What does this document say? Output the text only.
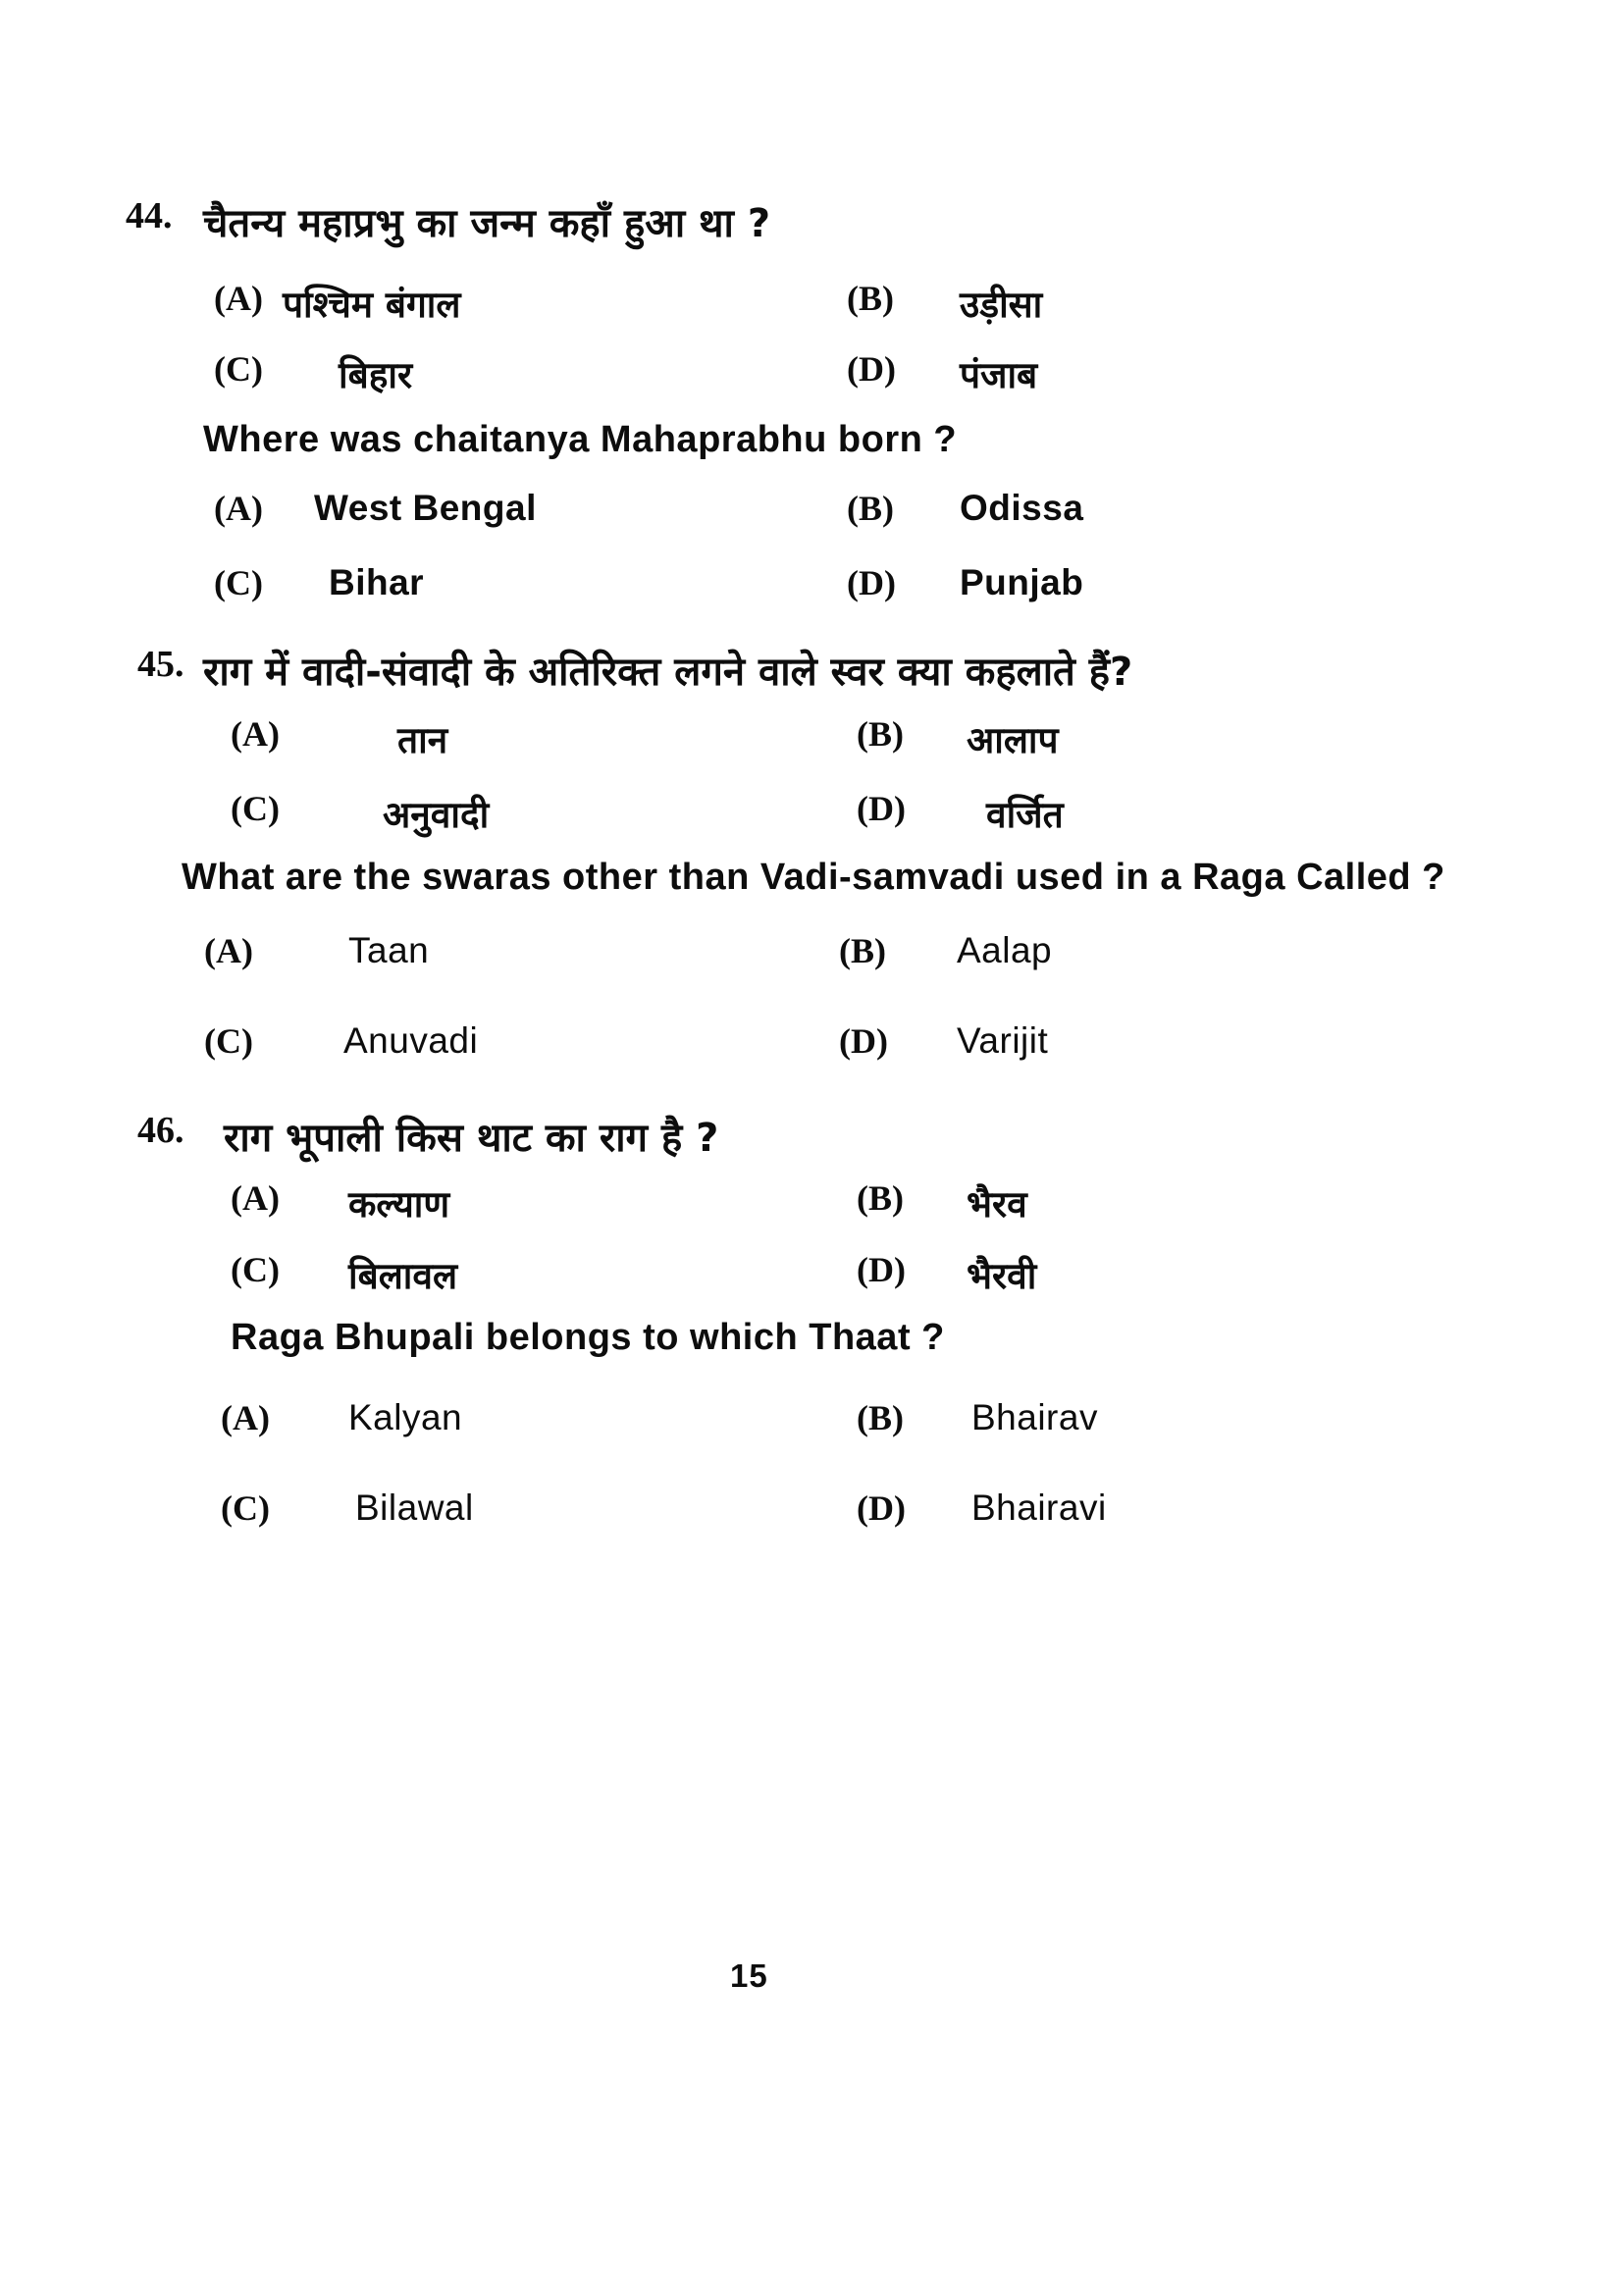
44. चैतन्य महाप्रभु का जन्म कहाँ हुआ था ?
(A) पश्चिम बंगाल	(B) उड़ीसा
(C) बिहार	(D) पंजाब
Where was chaitanya Mahaprabhu born ?
(A) West Bengal	(B) Odissa
(C) Bihar	(D) Punjab
45. राग में वादी-संवादी के अतिरिक्त लगने वाले स्वर क्या कहलाते हैं?
(A)	तान	(B) आलाप
(C)	अनुवादी	(D) वर्जित
What are the swaras other than Vadi-samvadi used in a Raga Called ?
(A)	Taan	(B) Aalap
(C) Anuvadi	(D) Varijit
46. राग भूपाली किस थाट का राग है ?
(A) कल्याण	(B) भैरव
(C) बिलावल	(D) भैरवी
Raga Bhupali belongs to which Thaat ?
(A) Kalyan	(B) Bhairav
(C) Bilawal	(D) Bhairavi
15
